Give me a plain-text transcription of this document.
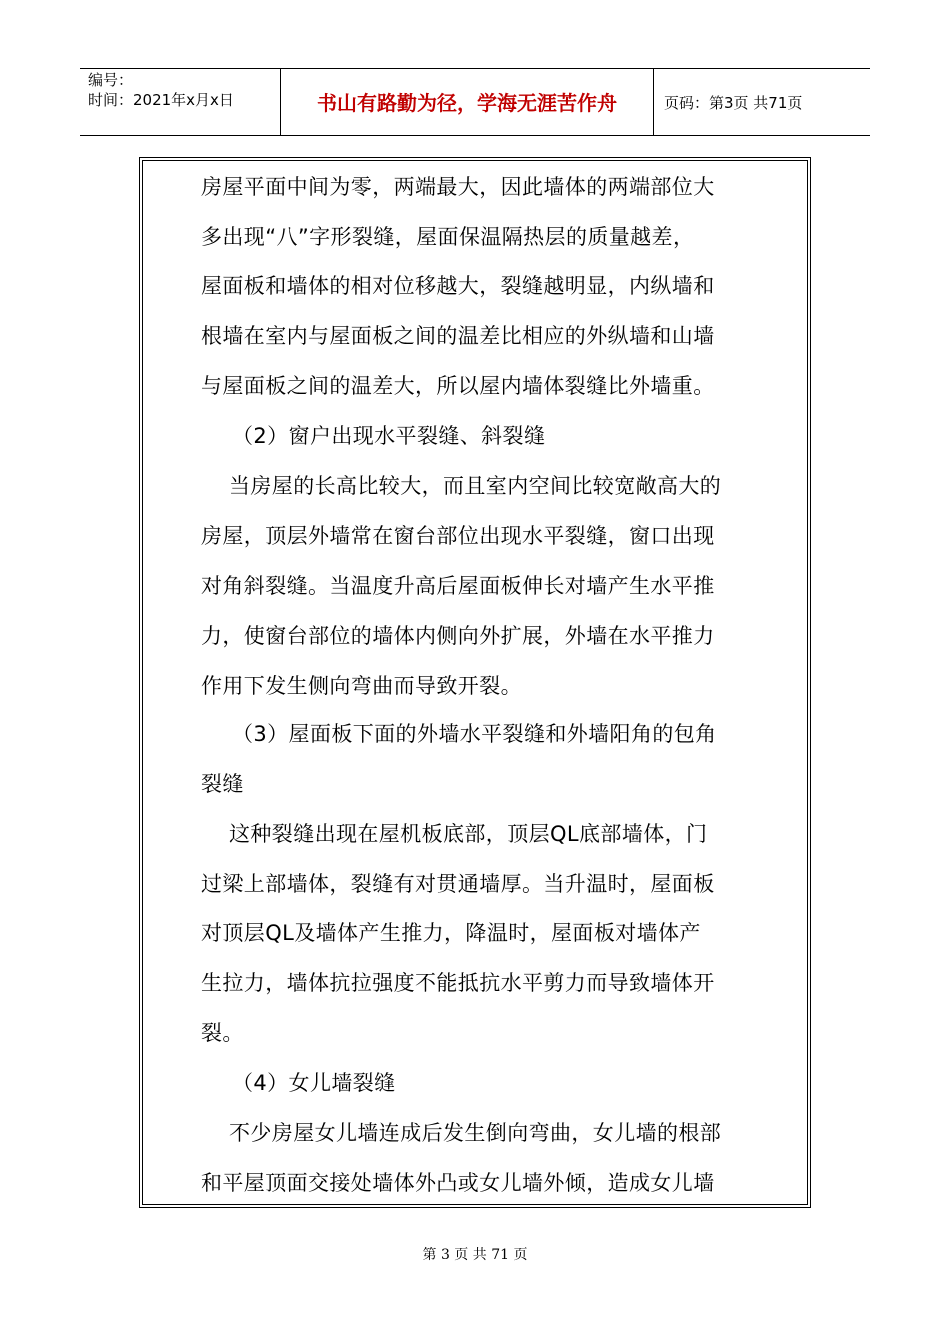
编号：
时间：2021年x月x日	书山有路勤为径，学海无涯苦作舟	页码：第3页 共71页
房屋平面中间为零，两端最大，因此墙体的两端部位大
多出现“八”字形裂缝，屋面保温隔热层的质量越差，
屋面板和墙体的相对位移越大，裂缝越明显，内纵墙和
根墙在室内与屋面板之间的温差比相应的外纵墙和山墙
与屋面板之间的温差大，所以屋内墙体裂缝比外墙重。
（2）窗户出现水平裂缝、斜裂缝
当房屋的长高比较大，而且室内空间比较宽敞高大的
房屋，顶层外墙常在窗台部位出现水平裂缝，窗口出现
对角斜裂缝。当温度升高后屋面板伸长对墙产生水平推
力，使窗台部位的墙体内侧向外扩展，外墙在水平推力
作用下发生侧向弯曲而导致开裂。
（3）屋面板下面的外墙水平裂缝和外墙阳角的包角
裂缝
这种裂缝出现在屋机板底部，顶层QL底部墙体，门
过梁上部墙体，裂缝有对贯通墙厚。当升温时，屋面板
对顶层QL及墙体产生推力，降温时，屋面板对墙体产
生拉力，墙体抗拉强度不能抵抗水平剪力而导致墙体开
裂。
（4）女儿墙裂缝
不少房屋女儿墙连成后发生倒向弯曲，女儿墙的根部
和平屋顶面交接处墙体外凸或女儿墙外倾，造成女儿墙
第 3 页 共 71 页
